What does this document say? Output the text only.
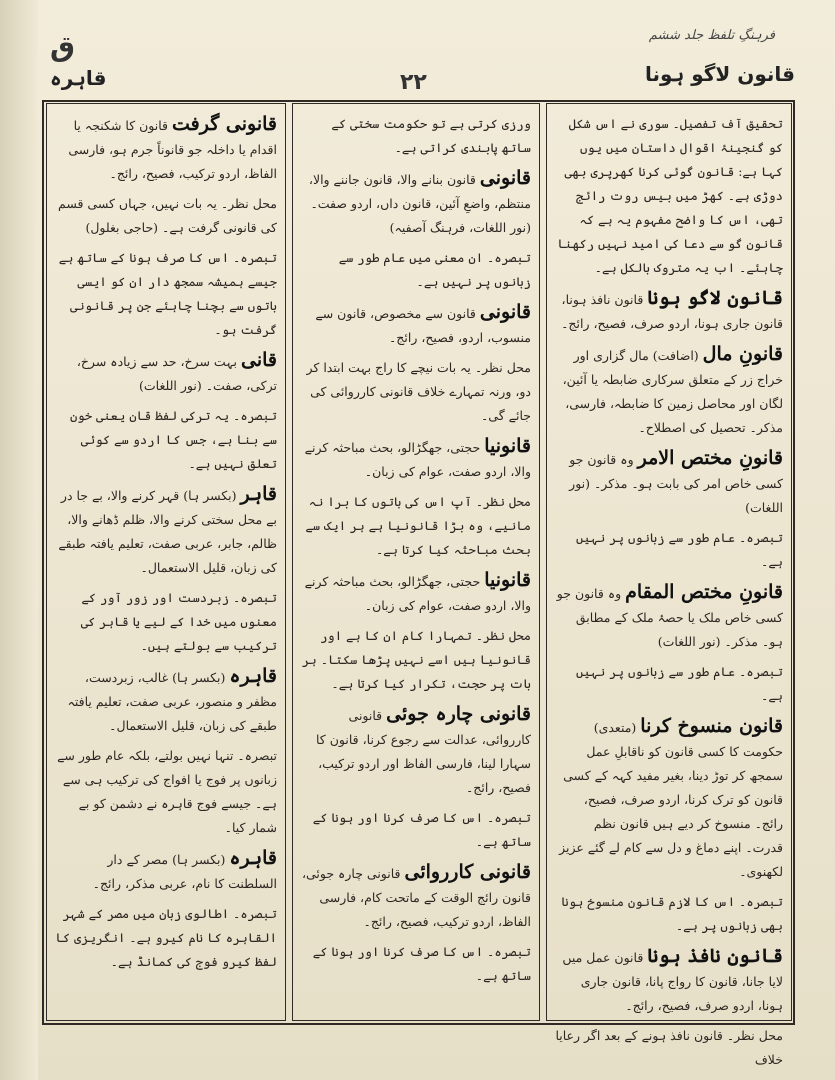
ق	فرہنگِ تلفظ جلد ششم
قانون لاگو ہونا
۲۲
قاہرہ
تحقیق آف تفصیل۔ سوری نے اس شکل کو گنجینۂ اقوال داستان میں یوں کہا ہے: قانون گوئی کرنا کھرپری بھی دوڑی ہے۔ کھڑ میں بیس روت رائج تھی، اس کا واضح مفہوم یہ ہے کہ قانون گو سے دعا کی امید نہیں رکھنا چاہئے۔ اب یہ متروک بالکل ہے۔
قانون لاگو ہونا قانون نافذ ہونا، قانون جاری ہونا، اردو صرف، فصیح، رائج۔
قانونِ مال (اضافت) مال گزاری اور خراج زر کے متعلق سرکاری ضابطہ یا آئین، لگان اور محاصل زمین کا ضابطہ، فارسی، مذکر۔ تحصیل کی اصطلاح۔
قانونِ مختص الامر وہ قانون جو کسی خاص امر کی بابت ہو۔ مذکر۔ (نور اللغات)
تبصرہ۔ عام طور سے زبانوں پر نہیں ہے۔
قانونِ مختص المقام وہ قانون جو کسی خاص ملک یا حصۂ ملک کے مطابق ہو۔ مذکر۔ (نور اللغات)
تبصرہ۔ عام طور سے زبانوں پر نہیں ہے۔
قانون منسوخ کرنا (متعدی) حکومت کا کسی قانون کو ناقابلِ عمل سمجھ کر توڑ دینا، بغیر مفید کہہ کے کسی قانون کو ترک کرنا، اردو صرف، فصیح، رائج۔ منسوخ کر دیے ہیں قانون نظم قدرت۔ اپنے دماغ و دل سے کام لے گئے عزیز لکھنوی۔
تبصرہ۔ اس کا لازم قانون منسوخ ہونا بھی زبانوں پر ہے۔
قانون نافذ ہونا قانون عمل میں لایا جانا، قانون کا رواج پانا، قانون جاری ہونا، اردو صرف، فصیح، رائج۔
محل نظر۔ قانون نافذ ہونے کے بعد اگر رعایا خلاف
ورزی کرتی ہے تو حکومت سختی کے ساتھ پابندی کراتی ہے۔
قانونی قانون بنانے والا، قانون جاننے والا، منتظم، واضعِ آئین، قانون داں، اردو صفت۔ (نور اللغات، فرہنگ آصفیہ)
تبصرہ۔ ان معنی میں عام طور سے زبانوں پر نہیں ہے۔
قانونی قانون سے مخصوص، قانون سے منسوب، اردو، فصیح، رائج۔
محل نظر۔ یہ بات نیچے کا راج بہت ابتدا کر دو، ورنہ تمہارے خلاف قانونی کارروائی کی جائے گی۔
قانونیا حجتی، جھگڑالو، بحث مباحثہ کرنے والا، اردو صفت، عوام کی زبان۔
محل نظر۔ آپ اس کی باتوں کا برا نہ مانیے، وہ بڑا قانونیا ہے ہر ایک سے بحث مباحثہ کیا کرتا ہے۔
قانونیا حجتی، جھگڑالو، بحث مباحثہ کرنے والا، اردو صفت، عوام کی زبان۔
محل نظر۔ تمہارا کام ان کا ہے اور قانونیا ہیں اسے نہیں پڑھا سکتا۔ ہر بات پر حجت، تکرار کیا کرتا ہے۔
قانونی چارہ جوئی قانونی کارروائی، عدالت سے رجوع کرنا، قانون کا سہارا لینا، فارسی الفاظ اور اردو ترکیب، فصیح، رائج۔
تبصرہ۔ اس کا صرف کرنا اور ہونا کے ساتھ ہے۔
قانونی کارروائی قانونی چارہ جوئی، قانون رائج الوقت کے ماتحت کام، فارسی الفاظ، اردو ترکیب، فصیح، رائج۔
تبصرہ۔ اس کا صرف کرنا اور ہونا کے ساتھ ہے۔
قانونی گرفت قانون کا شکنجہ یا اقدام یا داخلہ جو قانوناً جرم ہو، فارسی الفاظ، اردو ترکیب، فصیح، رائج۔
محل نظر۔ یہ بات نہیں، جہاں کسی قسم کی قانونی گرفت ہے۔ (حاجی بغلول)
تبصرہ۔ اس کا صرف ہونا کے ساتھ ہے جیسے ہمیشہ سمجھ دار ان کو ایسی باتوں سے بچنا چاہئے جن پر قانونی گرفت ہو۔
قانی بہت سرخ، حد سے زیادہ سرخ، ترکی، صفت۔ (نور اللغات)
تبصرہ۔ یہ ترکی لفظ قان یعنی خون سے بنا ہے، جس کا اردو سے کوئی تعلق نہیں ہے۔
قاہر (بکسر ہا) قہر کرنے والا، بے جا در بے محل سختی کرنے والا، ظلم ڈھانے والا، ظالم، جابر، عربی صفت، تعلیم یافتہ طبقے کی زبان، قلیل الاستعمال۔
تبصرہ۔ زبردست اور زور آور کے معنوں میں خدا کے لیے یا قاہر کی ترکیب سے بولتے ہیں۔
قاہرہ (بکسر ہا) غالب، زبردست، مظفر و منصور، عربی صفت، تعلیم یافتہ طبقے کی زبان، قلیل الاستعمال۔
تبصرہ۔ تنہا نہیں بولتے، بلکہ عام طور سے زبانوں پر فوج یا افواج کی ترکیب ہی سے ہے۔ جیسے فوج قاہرہ نے دشمن کو بے شمار کیا۔
قاہرہ (بکسر ہا) مصر کے دار السلطنت کا نام، عربی مذکر، رائج۔
تبصرہ۔ اطالوی زبان میں مصر کے شہر القاہرہ کا نام کیرو ہے۔ انگریزی کا لفظ کیرو فوج کی کمانڈ ہے۔
